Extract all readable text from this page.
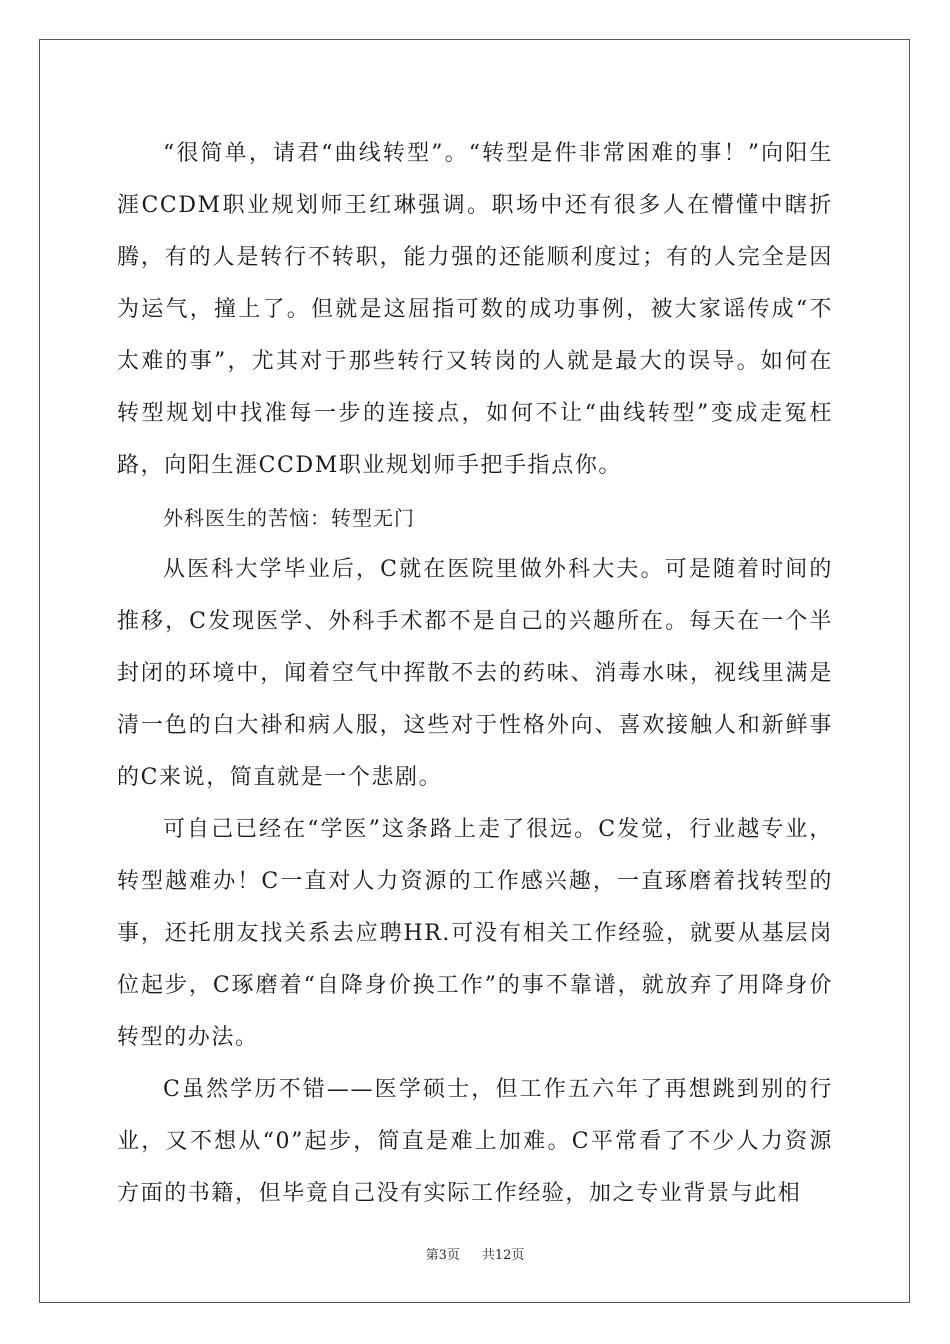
“很简单，请君“曲线转型”。“转型是件非常困难的事！”向阳生涯CCDM职业规划师王红琳强调。职场中还有很多人在懵懂中瞎折腾，有的人是转行不转职，能力强的还能顺利度过；有的人完全是因为运气，撞上了。但就是这屈指可数的成功事例，被大家谣传成“不太难的事”，尤其对于那些转行又转岗的人就是最大的误导。如何在转型规划中找准每一步的连接点，如何不让“曲线转型”变成走冤枉路，向阳生涯CCDM职业规划师手把手指点你。

外科医生的苦恼：转型无门

从医科大学毕业后，C就在医院里做外科大夫。可是随着时间的推移，C发现医学、外科手术都不是自己的兴趣所在。每天在一个半封闭的环境中，闻着空气中挥散不去的药味、消毒水味，视线里满是清一色的白大褂和病人服，这些对于性格外向、喜欢接触人和新鲜事的C来说，简直就是一个悲剧。

可自己已经在“学医”这条路上走了很远。C发觉，行业越专业，转型越难办！C一直对人力资源的工作感兴趣，一直琢磨着找转型的事，还托朋友找关系去应聘HR.可没有相关工作经验，就要从基层岗位起步，C琢磨着“自降身价换工作”的事不靠谱，就放弃了用降身价转型的办法。

C虽然学历不错——医学硕士，但工作五六年了再想跳到别的行业，又不想从“0”起步，简直是难上加难。C平常看了不少人力资源方面的书籍，但毕竟自己没有实际工作经验，加之专业背景与此相

第3页 共12页
